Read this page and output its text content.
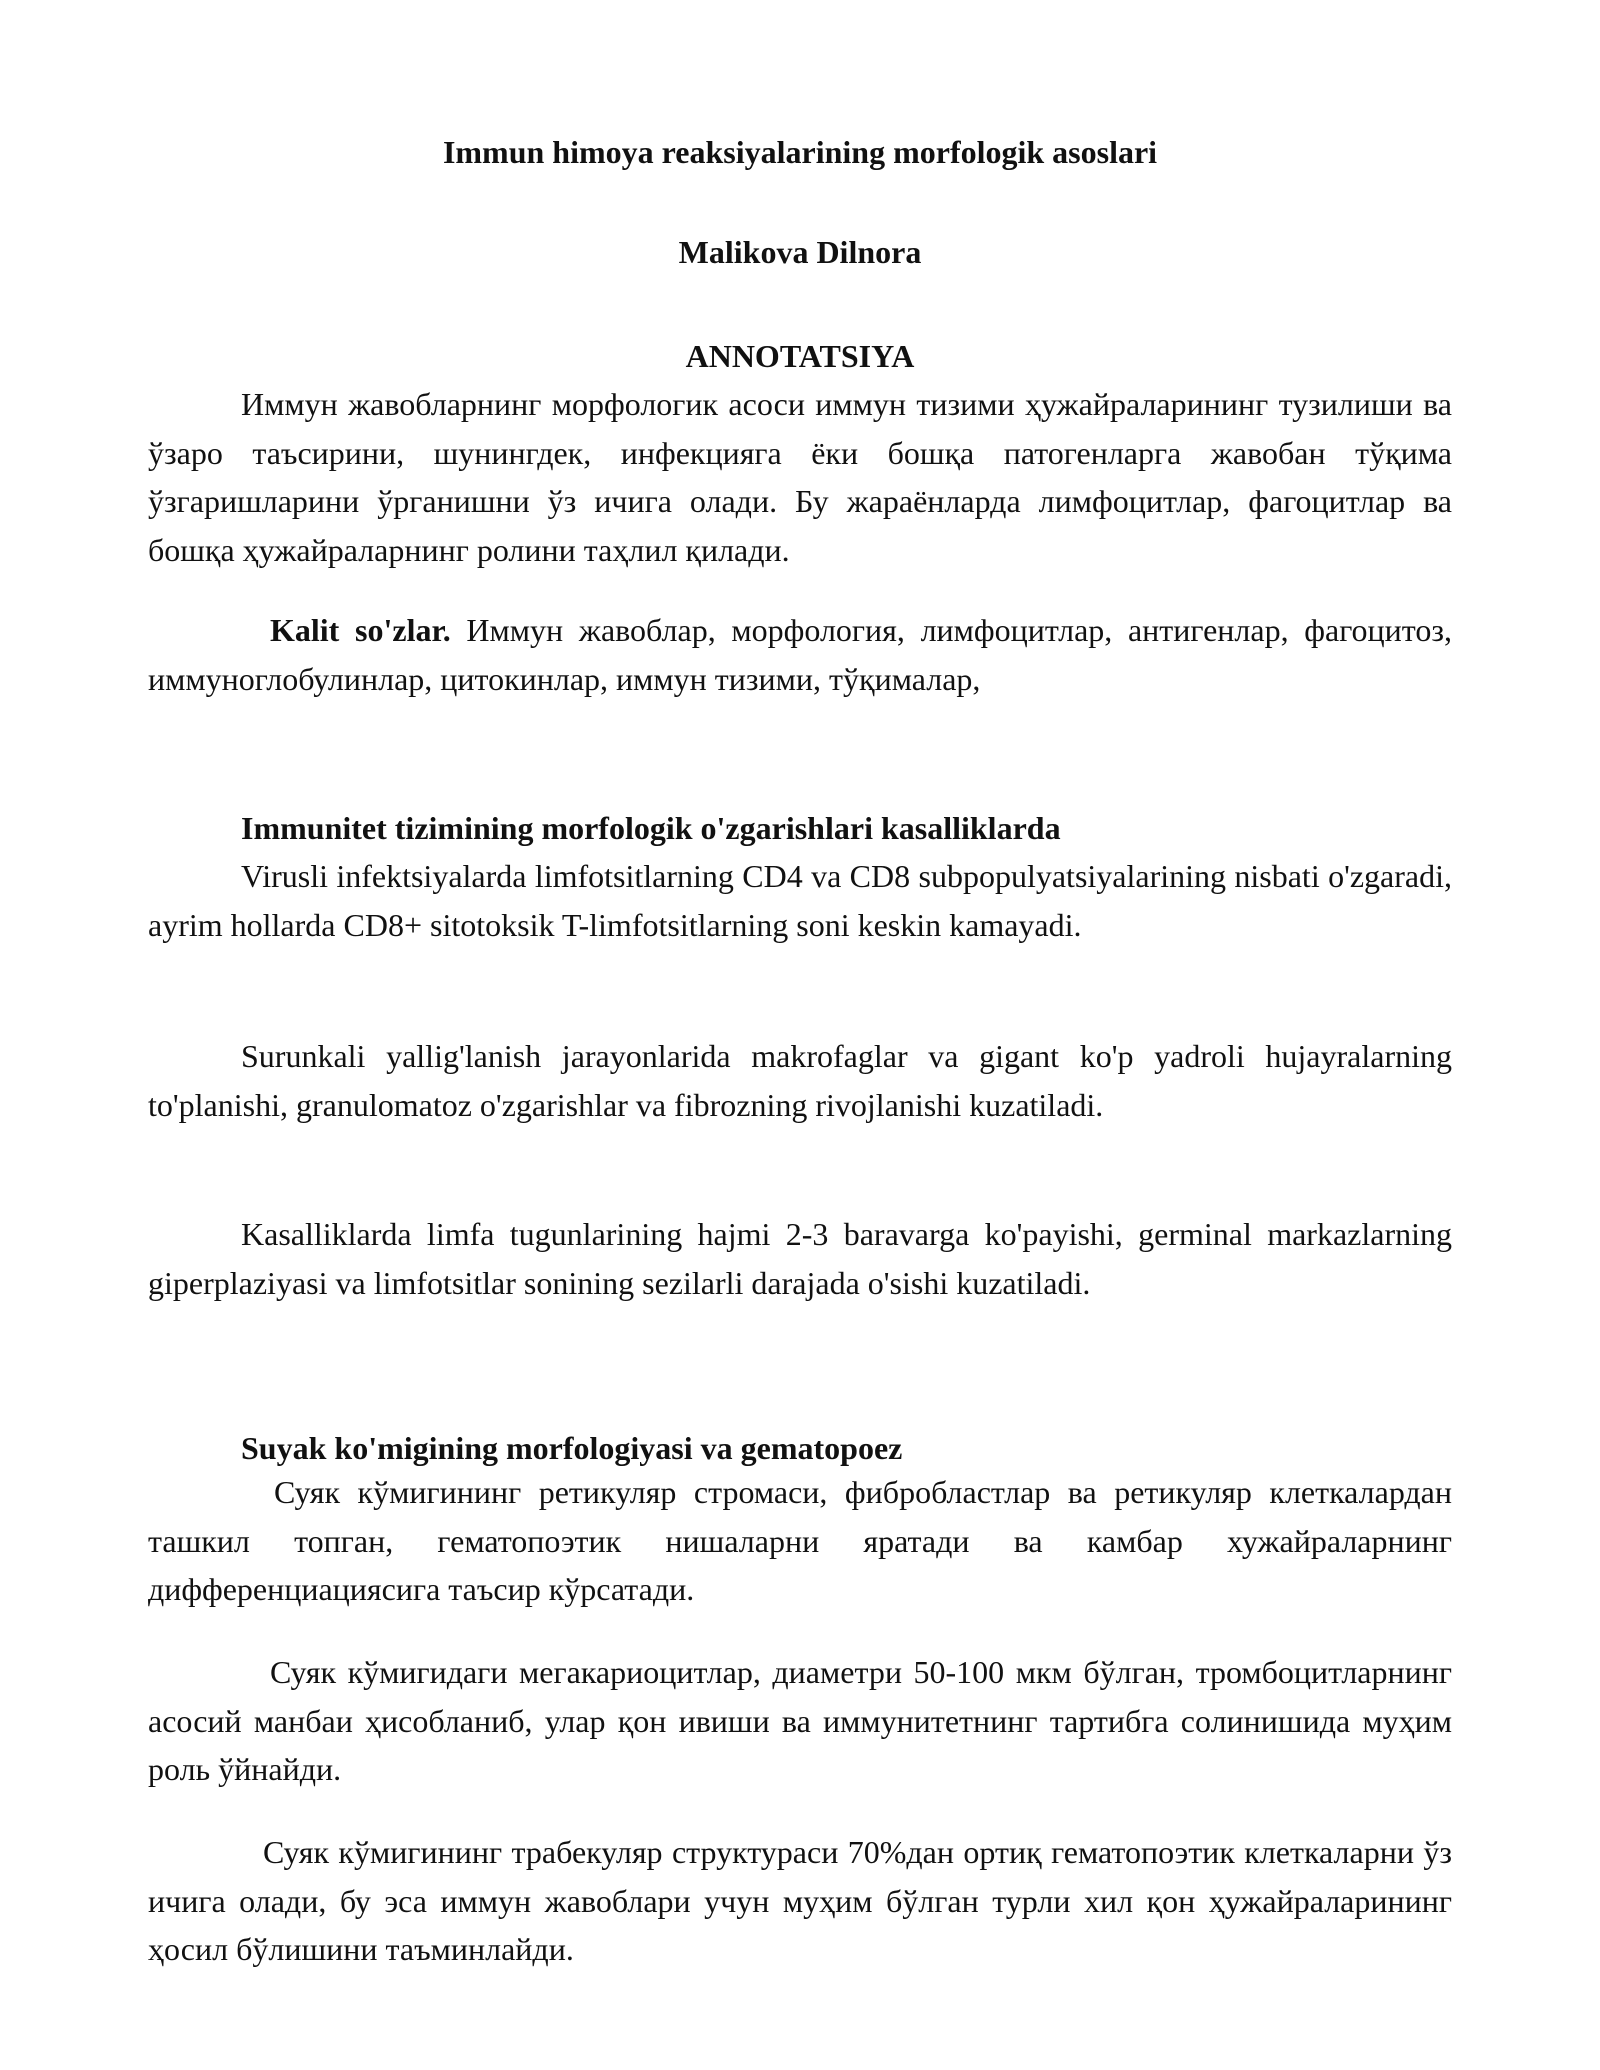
Immun himoya reaksiyalarining morfologik asoslari

Malikova Dilnora

ANNOTATSIYA

Иммун жавобларнинг морфологик асоси иммун тизими ҳужайраларининг тузилиши ва ўзаро таъсирини, шунингдек, инфекцияга ёки бошқа патогенларга жавобан тўқима ўзгаришларини ўрганишни ўз ичига олади. Бу жараёнларда лимфоцитлар, фагоцитлар ва бошқа ҳужайраларнинг ролини таҳлил қилади.

Kalit so'zlar. Иммун жавоблар, морфология, лимфоцитлар, антигенлар, фагоцитоз, иммуноглобулинлар, цитокинлар, иммун тизими, тўқималар,

Immunitet tizimining morfologik o'zgarishlari kasalliklarda

Virusli infektsiyalarda limfotsitlarning CD4 va CD8 subpopulyatsiyalarining nisbati o'zgaradi, ayrim hollarda CD8+ sitotoksik T-limfotsitlarning soni keskin kamayadi.

Surunkali yallig'lanish jarayonlarida makrofaglar va gigant ko'p yadroli hujayralarning to'planishi, granulomatoz o'zgarishlar va fibrozning rivojlanishi kuzatiladi.

Kasalliklarda limfa tugunlarining hajmi 2-3 baravarga ko'payishi, germinal markazlarning giperplaziyasi va limfotsitlar sonining sezilarli darajada o'sishi kuzatiladi.

Suyak ko'migining morfologiyasi va gematopoez

Суяк кўмигининг ретикуляр стромаси, фибробластлар ва ретикуляр клеткалардан ташкил топган, гематопоэтик нишаларни яратади ва камбар хужайраларнинг дифференциациясига таъсир кўрсатади.

Суяк кўмигидаги мегакариоцитлар, диаметри 50-100 мкм бўлган, тромбоцитларнинг асосий манбаи ҳисобланиб, улар қон ивиши ва иммунитетнинг тартибга солинишида муҳим роль ўйнайди.

Суяк кўмигининг трабекуляр структураси 70%дан ортиқ гематопоэтик клеткаларни ўз ичига олади, бу эса иммун жавоблари учун муҳим бўлган турли хил қон ҳужайраларининг ҳосил бўлишини таъминлайди.
